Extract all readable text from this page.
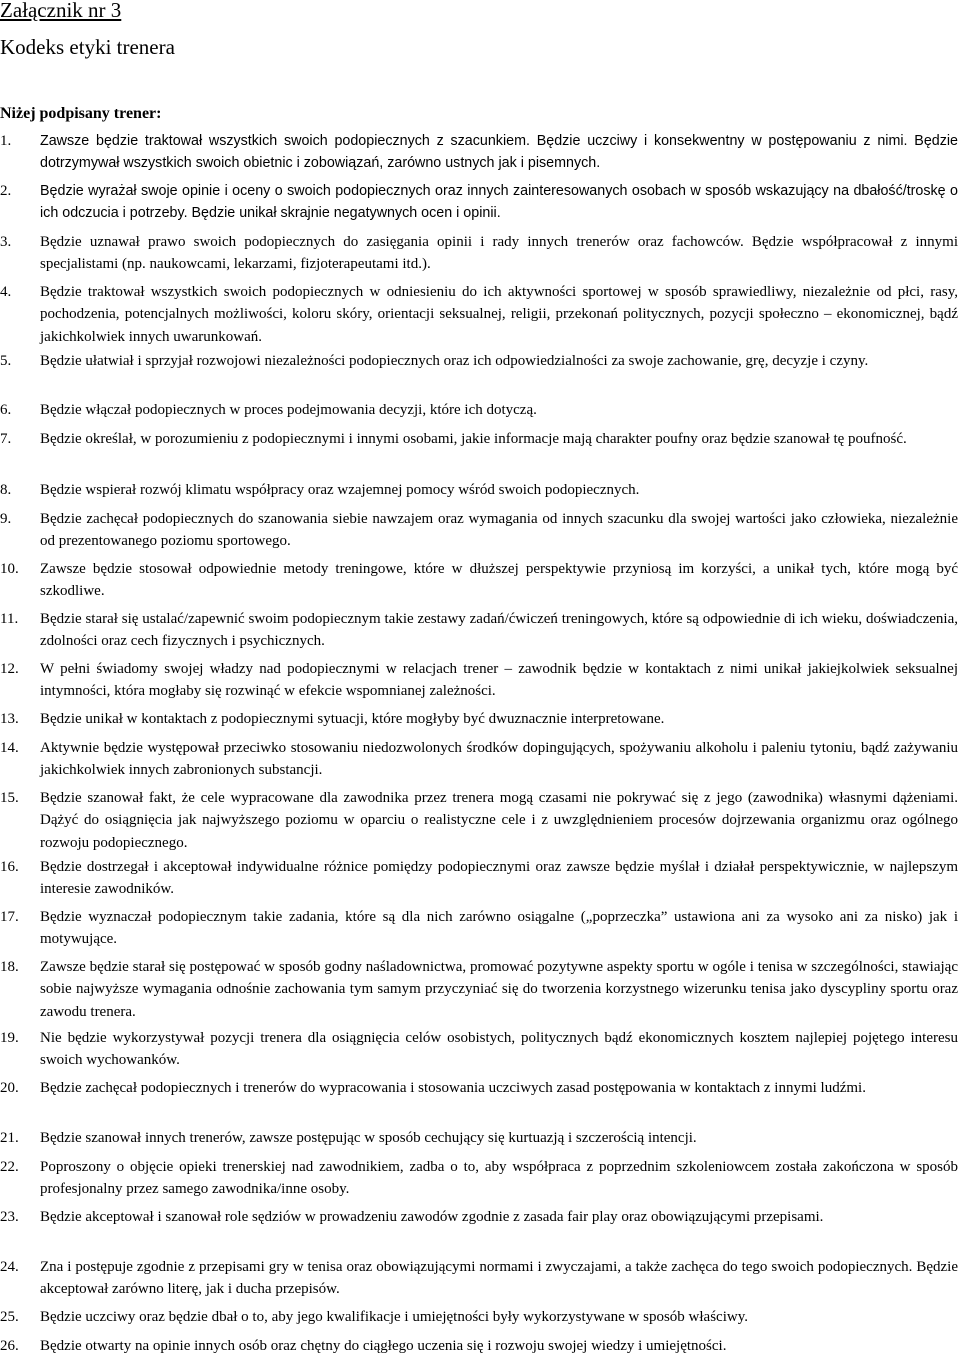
Załącznik nr 3
Kodeks etyki trenera
Niżej podpisany trener:
1. Zawsze będzie traktował wszystkich swoich podopiecznych z szacunkiem. Będzie uczciwy i konsekwentny w postępowaniu z nimi. Będzie dotrzymywał wszystkich swoich obietnic i zobowiązań, zarówno ustnych jak i pisemnych.
2. Będzie wyrażał swoje opinie i oceny o swoich podopiecznych oraz innych zainteresowanych osobach w sposób wskazujący na dbałość/troskę o ich odczucia i potrzeby. Będzie unikał skrajnie negatywnych ocen i opinii.
3. Będzie uznawał prawo swoich podopiecznych do zasięgania opinii i rady innych trenerów oraz fachowców. Będzie współpracował z innymi specjalistami (np. naukowcami, lekarzami, fizjoterapeutami itd.).
4. Będzie traktował wszystkich swoich podopiecznych w odniesieniu do ich aktywności sportowej w sposób sprawiedliwy, niezależnie od płci, rasy, pochodzenia, potencjalnych możliwości, koloru skóry, orientacji seksualnej, religii, przekonań politycznych, pozycji społeczno – ekonomicznej, bądź jakichkolwiek innych uwarunkowań.
5. Będzie ułatwiał i sprzyjał rozwojowi niezależności podopiecznych oraz ich odpowiedzialności za swoje zachowanie, grę, decyzje i czyny.
6. Będzie włączał podopiecznych w proces podejmowania decyzji, które ich dotyczą.
7. Będzie określał, w porozumieniu z podopiecznymi i innymi osobami, jakie informacje mają charakter poufny oraz będzie szanował tę poufność.
8. Będzie wspierał rozwój klimatu współpracy oraz wzajemnej pomocy wśród swoich podopiecznych.
9. Będzie zachęcał podopiecznych do szanowania siebie nawzajem oraz wymagania od innych szacunku dla swojej wartości jako człowieka, niezależnie od prezentowanego poziomu sportowego.
10. Zawsze będzie stosował odpowiednie metody treningowe, które w dłuższej perspektywie przyniosą im korzyści, a unikał tych, które mogą być szkodliwe.
11. Będzie starał się ustalać/zapewnić swoim podopiecznym takie zestawy zadań/ćwiczeń treningowych, które są odpowiednie di ich wieku, doświadczenia, zdolności oraz cech fizycznych i psychicznych.
12. W pełni świadomy swojej władzy nad podopiecznymi w relacjach trener – zawodnik będzie w kontaktach z nimi unikał jakiejkolwiek seksualnej intymności, która mogłaby się rozwinąć w efekcie wspomnianej zależności.
13. Będzie unikał w kontaktach z podopiecznymi sytuacji, które mogłyby być dwuznacznie interpretowane.
14. Aktywnie będzie występował przeciwko stosowaniu niedozwolonych środków dopingujących, spożywaniu alkoholu i paleniu tytoniu, bądź zażywaniu jakichkolwiek innych zabronionych substancji.
15. Będzie szanował fakt, że cele wypracowane dla zawodnika przez trenera mogą czasami nie pokrywać się z jego (zawodnika) własnymi dążeniami. Dążyć do osiągnięcia jak najwyższego poziomu w oparciu o realistyczne cele i z uwzględnieniem procesów dojrzewania organizmu oraz ogólnego rozwoju podopiecznego.
16. Będzie dostrzegał i akceptował indywidualne różnice pomiędzy podopiecznymi oraz zawsze będzie myślał i działał perspektywicznie, w najlepszym interesie zawodników.
17. Będzie wyznaczał podopiecznym takie zadania, które są dla nich zarówno osiągalne („poprzeczka” ustawiona ani za wysoko ani za nisko) jak i motywujące.
18. Zawsze będzie starał się postępować w sposób godny naśladownictwa, promować pozytywne aspekty sportu w ogóle i tenisa w szczególności, stawiając sobie najwyższe wymagania odnośnie zachowania tym samym przyczyniać się do tworzenia korzystnego wizerunku tenisa jako dyscypliny sportu oraz zawodu trenera.
19. Nie będzie wykorzystywał pozycji trenera dla osiągnięcia celów osobistych, politycznych bądź ekonomicznych kosztem najlepiej pojętego interesu swoich wychowanków.
20. Będzie zachęcał podopiecznych i trenerów do wypracowania i stosowania uczciwych zasad postępowania w kontaktach z innymi ludźmi.
21. Będzie szanował innych trenerów, zawsze postępując w sposób cechujący się kurtuazją i szczerością intencji.
22. Poproszony o objęcie opieki trenerskiej nad zawodnikiem, zadba o to, aby współpraca z poprzednim szkoleniowcem została zakończona w sposób profesjonalny przez samego zawodnika/inne osoby.
23. Będzie akceptował i szanował role sędziów w prowadzeniu zawodów zgodnie z zasada fair play oraz obowiązującymi przepisami.
24. Zna i postępuje zgodnie z przepisami gry w tenisa oraz obowiązującymi normami i zwyczajami, a także zachęca do tego swoich podopiecznych. Będzie akceptował zarówno literę, jak i ducha przepisów.
25. Będzie uczciwy oraz będzie dbał o to, aby jego kwalifikacje i umiejętności były wykorzystywane w sposób właściwy.
26. Będzie otwarty na opinie innych osób oraz chętny do ciągłego uczenia się i rozwoju swojej wiedzy i umiejętności.
